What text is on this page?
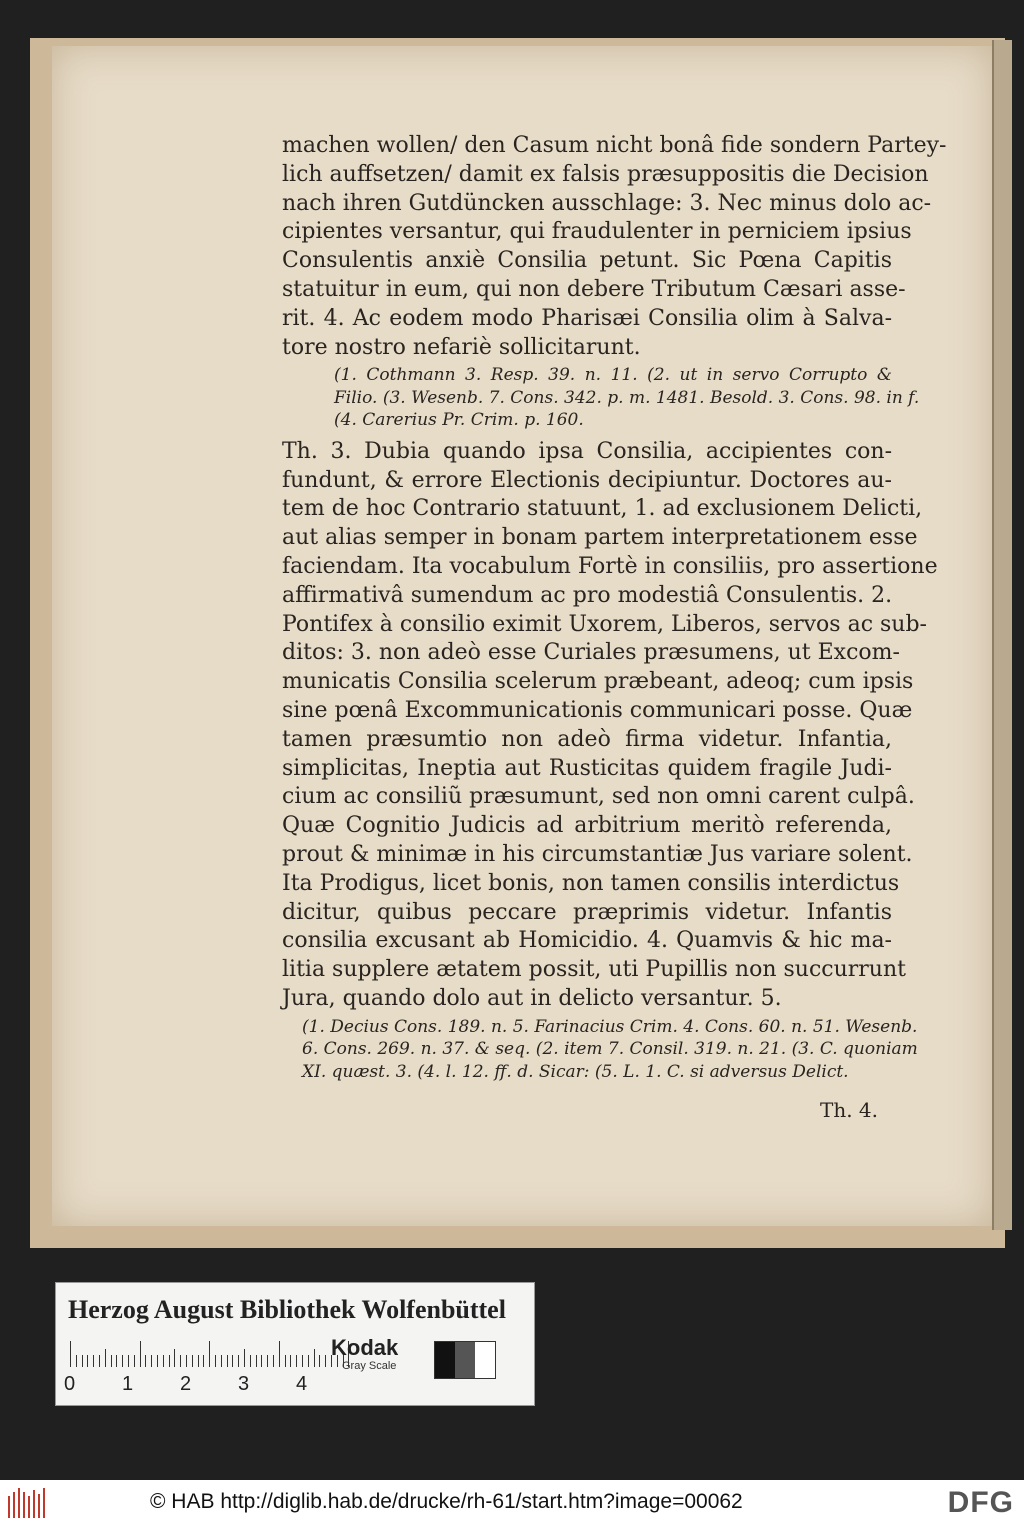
machen wollen/ den Casum nicht bonâ fide sondern Partey-
lich auffsetzen/ damit ex falsis præsuppositis die Decision
nach ihren Gutdüncken ausschlage: 3. Nec minus dolo ac-
cipientes versantur, qui fraudulenter in perniciem ipsius
Consulentis anxiè Consilia petunt. Sic Pœna Capitis
statuitur in eum, qui non debere Tributum Cæsari asse-
rit. 4. Ac eodem modo Pharisæi Consilia olim à Salva-
tore nostro nefariè sollicitarunt.
(1. Cothmann 3. Resp. 39. n. 11. (2. ut in servo Corrupto &
Filio. (3. Wesenb. 7. Cons. 342. p. m. 1481. Besold. 3. Cons. 98. in f.
(4. Carerius Pr. Crim. p. 160.
Th. 3. Dubia quando ipsa Consilia, accipientes con-
fundunt, & errore Electionis decipiuntur. Doctores au-
tem de hoc Contrario statuunt, 1. ad exclusionem Delicti,
aut alias semper in bonam partem interpretationem esse
faciendam. Ita vocabulum Fortè in consiliis, pro assertione
affirmativâ sumendum ac pro modestiâ Consulentis. 2.
Pontifex à consilio eximit Uxorem, Liberos, servos ac sub-
ditos: 3. non adeò esse Curiales præsumens, ut Excom-
municatis Consilia scelerum præbeant, adeoq; cum ipsis
sine pœnâ Excommunicationis communicari posse. Quæ
tamen præsumtio non adeò firma videtur. Infantia,
simplicitas, Ineptia aut Rusticitas quidem fragile Judi-
cium ac consiliũ præsumunt, sed non omni carent culpâ.
Quæ Cognitio Judicis ad arbitrium meritò referenda,
prout & minimæ in his circumstantiæ Jus variare solent.
Ita Prodigus, licet bonis, non tamen consilis interdictus
dicitur, quibus peccare præprimis videtur. Infantis
consilia excusant ab Homicidio. 4. Quamvis & hic ma-
litia supplere ætatem possit, uti Pupillis non succurrunt
Jura, quando dolo aut in delicto versantur. 5.
(1. Decius Cons. 189. n. 5. Farinacius Crim. 4. Cons. 60. n. 51. Wesenb.
6. Cons. 269. n. 37. & seq. (2. item 7. Consil. 319. n. 21. (3. C. quoniam
XI. quæst. 3. (4. l. 12. ff. d. Sicar: (5. L. 1. C. si adversus Delict.
Th. 4.
Herzog August Bibliothek Wolfenbüttel
0 1 2 3 4
Kodak
Gray Scale
© HAB http://diglib.hab.de/drucke/rh-61/start.htm?image=00062	DFG
